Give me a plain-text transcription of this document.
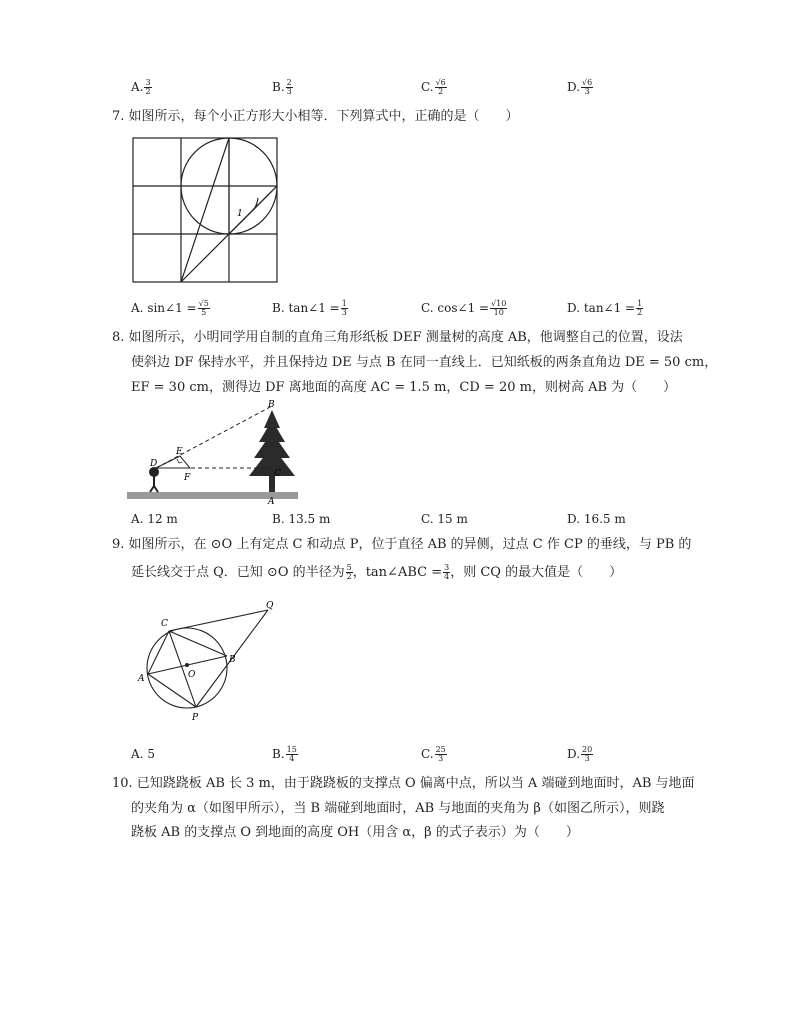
A. $\frac{3}{2}$	B. $\frac{2}{3}$	C. $\frac{√6}{2}$	D. $\frac{√6}{3}$
7. 如图所示，每个小正方形大小相等．下列算式中，正确的是（　　）
1
A. sin∠1 = $\frac{√5}{5}$	B. tan∠1 = $\frac{1}{3}$	C. cos∠1 = $\frac{√10}{10}$	D. tan∠1 = $\frac{1}{2}$
8. 如图所示，小明同学用自制的直角三角形纸板 DEF 测量树的高度 AB，他调整自己的位置，设法
使斜边 DF 保持水平，并且保持边 DE 与点 B 在同一直线上．已知纸板的两条直角边 DE = 50 cm，
EF = 30 cm，测得边 DF 离地面的高度 AC = 1.5 m，CD = 20 m，则树高 AB 为（　　）
B
E
D
F	C
A
A. 12 m	B. 13.5 m	C. 15 m	D. 16.5 m
9. 如图所示，在 ⊙O 上有定点 C 和动点 P，位于直径 AB 的异侧，过点 C 作 CP 的垂线，与 PB 的
延长线交于点 Q．已知 ⊙O 的半径为 $\frac{5}{2}$ ，tan∠ABC = $\frac{3}{4}$ ，则 CQ 的最大值是（　　）
C
Q
A	O
B
P
A. 5	B. $\frac{15}{4}$	C. $\frac{25}{3}$	D. $\frac{20}{3}$
10. 已知跷跷板 AB 长 3 m，由于跷跷板的支撑点 O 偏离中点，所以当 A 端碰到地面时，AB 与地面
的夹角为 α（如图甲所示），当 B 端碰到地面时，AB 与地面的夹角为 β（如图乙所示），则跷
跷板 AB 的支撑点 O 到地面的高度 OH（用含 α，β 的式子表示）为（　　）
